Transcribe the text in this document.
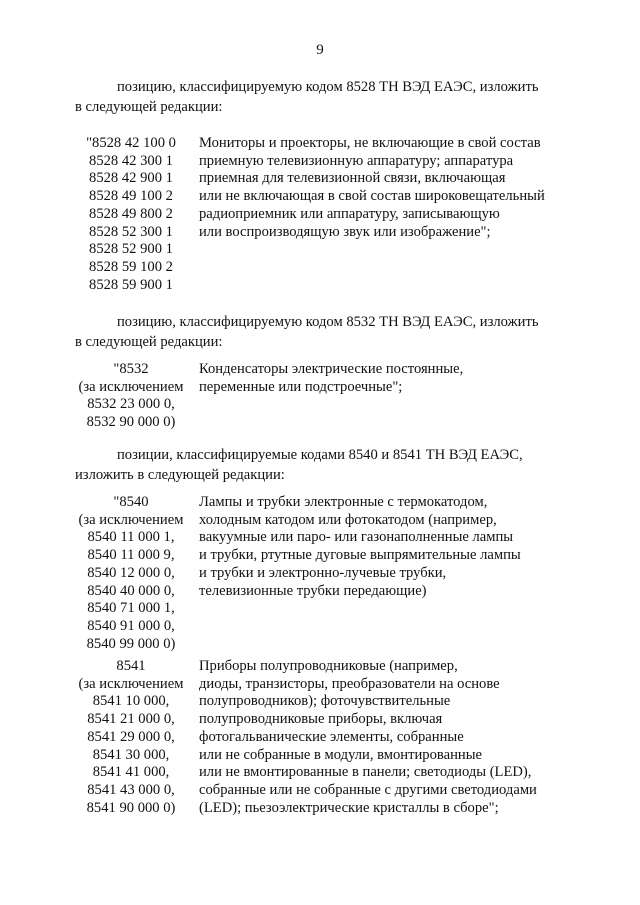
9
позицию, классифицируемую кодом 8528 ТН ВЭД ЕАЭС, изложить
в следующей редакции:
"8528 42 100 0
8528 42 300 1
8528 42 900 1
8528 49 100 2
8528 49 800 2
8528 52 300 1
8528 52 900 1
8528 59 100 2
8528 59 900 1
Мониторы и проекторы, не включающие в свой состав
приемную телевизионную аппаратуру; аппаратура
приемная для телевизионной связи, включающая
или не включающая в свой состав широковещательный
радиоприемник или аппаратуру, записывающую
или воспроизводящую звук или изображение";
позицию, классифицируемую кодом 8532 ТН ВЭД ЕАЭС, изложить
в следующей редакции:
"8532
(за исключением
8532 23 000 0,
8532 90 000 0)
Конденсаторы электрические постоянные,
переменные или подстроечные";
позиции, классифицируемые кодами 8540 и 8541 ТН ВЭД ЕАЭС,
изложить в следующей редакции:
"8540
(за исключением
8540 11 000 1,
8540 11 000 9,
8540 12 000 0,
8540 40 000 0,
8540 71 000 1,
8540 91 000 0,
8540 99 000 0)
Лампы и трубки электронные с термокатодом,
холодным катодом или фотокатодом (например,
вакуумные или паро- или газонаполненные лампы
и трубки, ртутные дуговые выпрямительные лампы
и трубки и электронно-лучевые трубки,
телевизионные трубки передающие)
8541
(за исключением
8541 10 000,
8541 21 000 0,
8541 29 000 0,
8541 30 000,
8541 41 000,
8541 43 000 0,
8541 90 000 0)
Приборы полупроводниковые (например,
диоды, транзисторы, преобразователи на основе
полупроводников); фоточувствительные
полупроводниковые приборы, включая
фотогальванические элементы, собранные
или не собранные в модули, вмонтированные
или не вмонтированные в панели; светодиоды (LED),
собранные или не собранные с другими светодиодами
(LED); пьезоэлектрические кристаллы в сборе";
